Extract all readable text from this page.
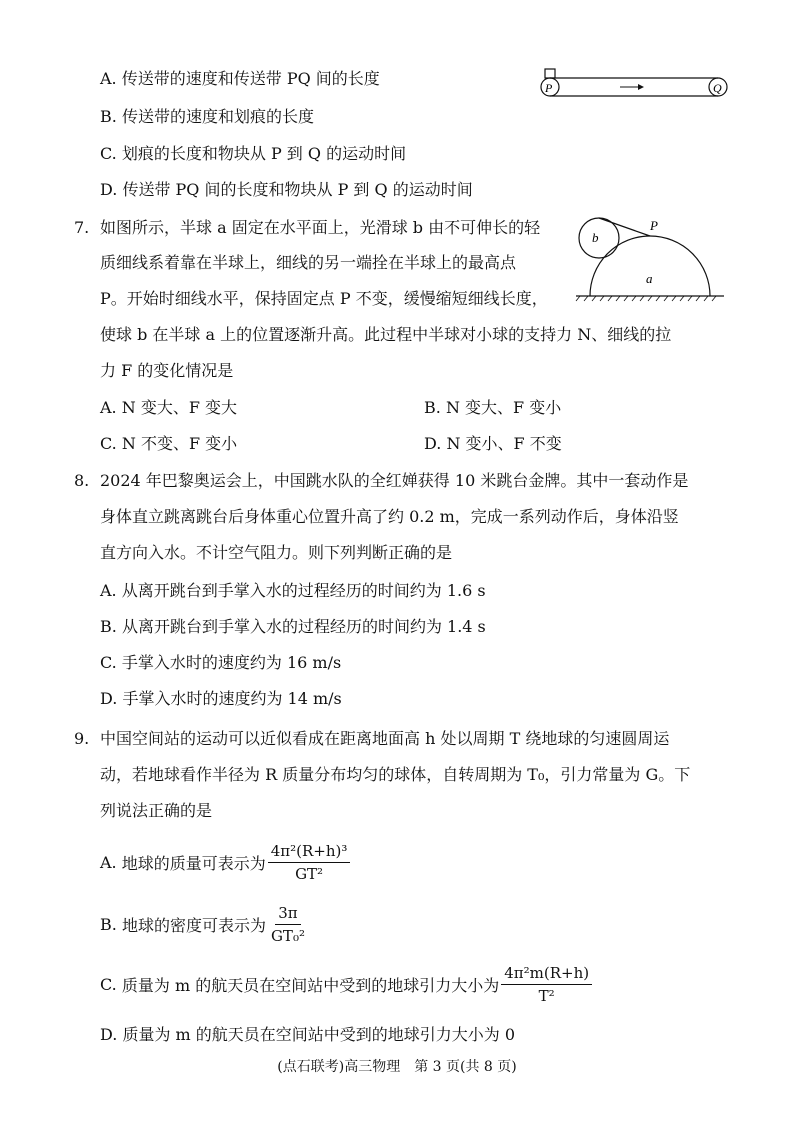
A. 传送带的速度和传送带 PQ 间的长度
B. 传送带的速度和划痕的长度
C. 划痕的长度和物块从 P 到 Q 的运动时间
D. 传送带 PQ 间的长度和物块从 P 到 Q 的运动时间
P	Q
7. 如图所示，半球 a 固定在水平面上，光滑球 b 由不可伸长的轻
质细线系着靠在半球上，细线的另一端拴在半球上的最高点
P。开始时细线水平，保持固定点 P 不变，缓慢缩短细线长度，
使球 b 在半球 a 上的位置逐渐升高。此过程中半球对小球的支持力 N、细线的拉
力 F 的变化情况是
b
P
a
A. N 变大、F 变大	B. N 变大、F 变小
C. N 不变、F 变小	D. N 变小、F 不变
8. 2024 年巴黎奥运会上，中国跳水队的全红婵获得 10 米跳台金牌。其中一套动作是
身体直立跳离跳台后身体重心位置升高了约 0.2 m，完成一系列动作后，身体沿竖
直方向入水。不计空气阻力。则下列判断正确的是
A. 从离开跳台到手掌入水的过程经历的时间约为 1.6 s
B. 从离开跳台到手掌入水的过程经历的时间约为 1.4 s
C. 手掌入水时的速度约为 16 m/s
D. 手掌入水时的速度约为 14 m/s
9. 中国空间站的运动可以近似看成在距离地面高 h 处以周期 T 绕地球的匀速圆周运
动，若地球看作半径为 R 质量分布均匀的球体，自转周期为 T₀，引力常量为 G。下
列说法正确的是
A.
地球的质量可表示为 $\frac{\text{4π²(R+h)³}}{\text{GT²}}$
B.
地球的密度可表示为 $\frac{3\pi}{\text{GT₀²}}$
C.
质量为 m 的航天员在空间站中受到的地球引力大小为 $\frac{\text{4π²m(R+h)}}{\text{T²}}$
D. 质量为 m 的航天员在空间站中受到的地球引力大小为 0
(点石联考)高三物理　第 3 页(共 8 页)
